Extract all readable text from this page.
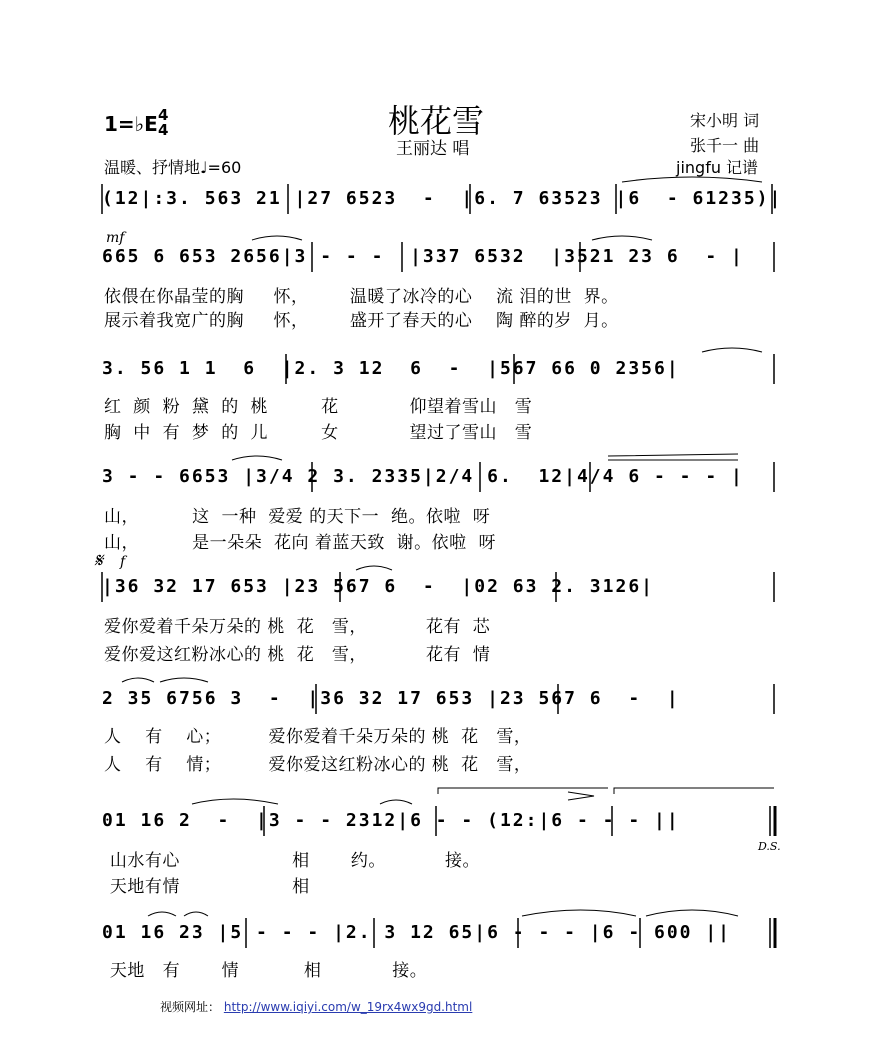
桃花雪
王丽达 唱
宋小明 词
张千一 曲
jingfu 记谱
1=♭E 4
4
温暖、抒情地♩=60
mf
𝄋 f
D.S.
(12|:3. 563 21 |27 6523  -  |6. 7 63523 |6  - 61235)|
665 6 653 2656|3 - - -  |337 6532  |3521 23 6  - |
3. 56 1 1  6  |2. 3 12  6  -  |567 66 0 2356|
3 - - 6653 |3/4 2 3. 2335|2/4 6.  12|4/4 6 - - - |
|36 32 17 653 |23 567 6  -  |02 63 2. 3126|
2 35 6756 3  -  |36 32 17 653 |23 567 6  -  |
01 16 2  -  |3 - - 2312|6 - - (12:|6 - - - ||
01 16 23 |5 - - - |2. 3 12 65|6 - - - |6 - 600 ||
依偎在你晶莹的胸     怀，       温暖了冰冷的心    流 泪的世  界。
展示着我宽广的胸     怀，       盛开了春天的心    陶 醉的岁  月。
红  颜  粉  黛  的  桃         花            仰望着雪山   雪
胸  中  有  梦  的  儿         女            望过了雪山   雪
山，         这  一种  爱爱 的天下一  绝。依啦  呀
山，         是一朵朵  花向 着蓝天致  谢。依啦  呀
爱你爱着千朵万朵的 桃  花   雪，          花有  芯
爱你爱这红粉冰心的 桃  花   雪，          花有  情
人    有    心；        爱你爱着千朵万朵的 桃  花   雪，
人    有    情；        爱你爱这红粉冰心的 桃  花   雪，
山水有心                   相       约。          接。
天地有情                   相
天地   有       情           相            接。
视频网址： http://www.iqiyi.com/w_19rx4wx9gd.html
